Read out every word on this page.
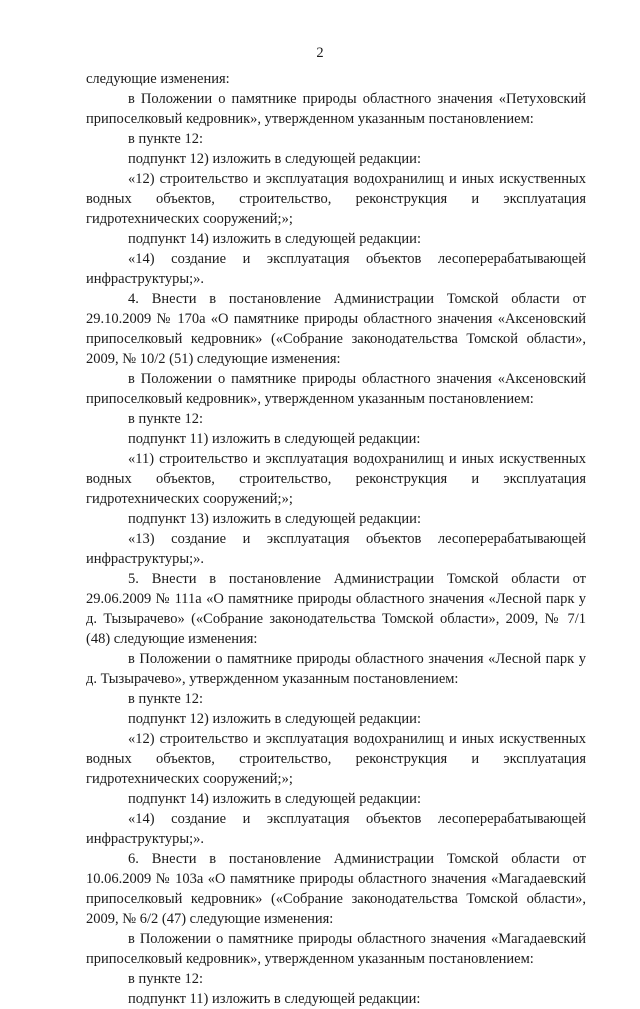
2

следующие изменения:

в Положении о памятнике природы областного значения «Петуховский припоселковый кедровник», утвержденном указанным постановлением:

в пункте 12:

подпункт 12) изложить в следующей редакции:

«12) строительство и эксплуатация водохранилищ и иных искуственных водных объектов, строительство, реконструкция и эксплуатация гидротехнических сооружений;»;

подпункт 14) изложить в следующей редакции:

«14) создание и эксплуатация объектов лесоперерабатывающей инфраструктуры;».

4. Внести в постановление Администрации Томской области от 29.10.2009 № 170а «О памятнике природы областного значения «Аксеновский припоселковый кедровник» («Собрание законодательства Томской области», 2009, № 10/2 (51) следующие изменения:

в Положении о памятнике природы областного значения «Аксеновский припоселковый кедровник», утвержденном указанным постановлением:

в пункте 12:

подпункт 11) изложить в следующей редакции:

«11) строительство и эксплуатация водохранилищ и иных искуственных водных объектов, строительство, реконструкция и эксплуатация гидротехнических сооружений;»;

подпункт 13) изложить в следующей редакции:

«13) создание и эксплуатация объектов лесоперерабатывающей инфраструктуры;».

5. Внести в постановление Администрации Томской области от 29.06.2009 № 111а «О памятнике природы областного значения «Лесной парк у д. Тызырачево» («Собрание законодательства Томской области», 2009, № 7/1 (48) следующие изменения:

в Положении о памятнике природы областного значения «Лесной парк у д. Тызырачево», утвержденном указанным постановлением:

в пункте 12:

подпункт 12) изложить в следующей редакции:

«12) строительство и эксплуатация водохранилищ и иных искуственных водных объектов, строительство, реконструкция и эксплуатация гидротехнических сооружений;»;

подпункт 14) изложить в следующей редакции:

«14) создание и эксплуатация объектов лесоперерабатывающей инфраструктуры;».

6. Внести в постановление Администрации Томской области от 10.06.2009 № 103а «О памятнике природы областного значения «Магадаевский припоселковый кедровник» («Собрание законодательства Томской области», 2009, № 6/2 (47) следующие изменения:

в Положении о памятнике природы областного значения «Магадаевский припоселковый кедровник», утвержденном указанным постановлением:

в пункте 12:

подпункт 11) изложить в следующей редакции:
